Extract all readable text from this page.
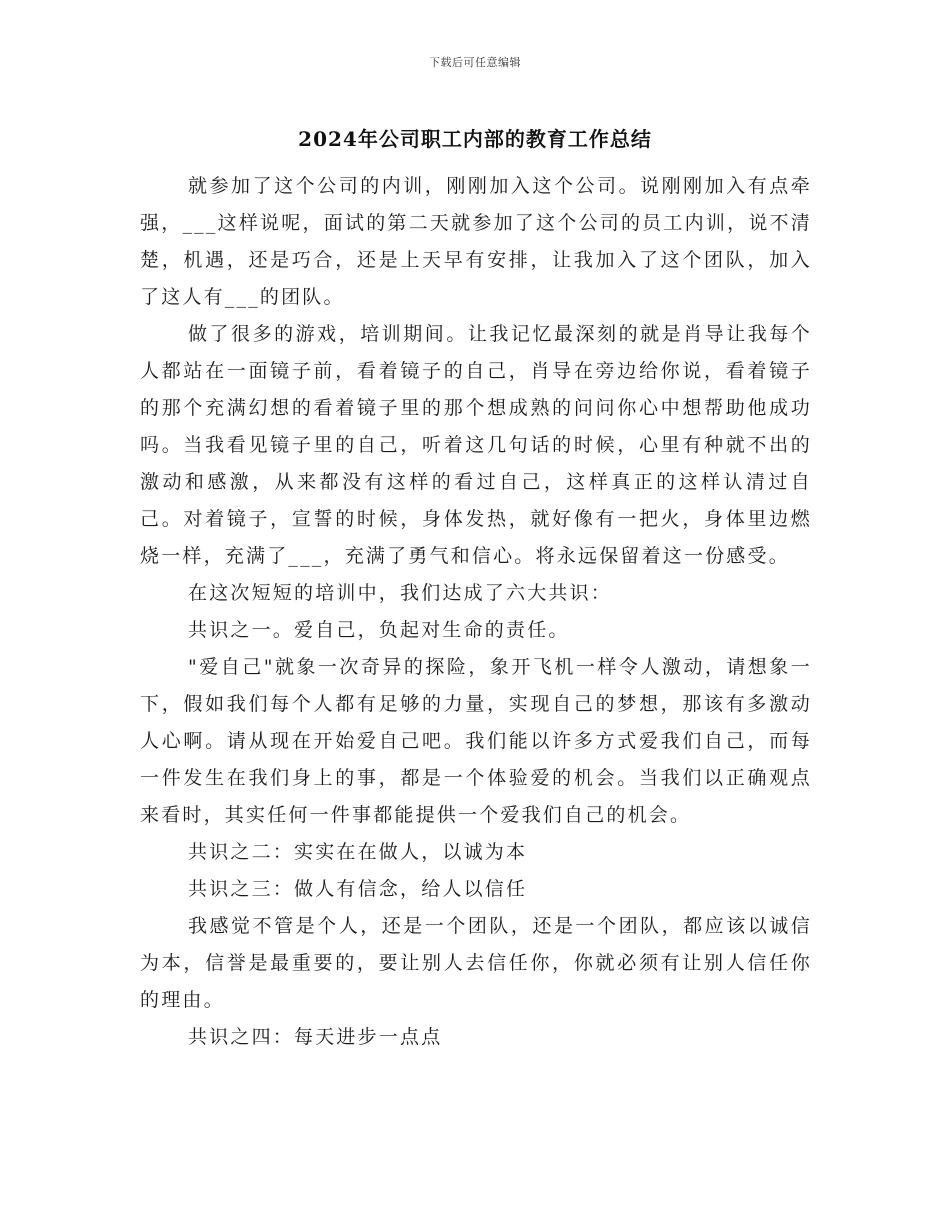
下载后可任意编辑
2024年公司职工内部的教育工作总结

就参加了这个公司的内训，刚刚加入这个公司。说刚刚加入有点牵强，___这样说呢，面试的第二天就参加了这个公司的员工内训，说不清楚，机遇，还是巧合，还是上天早有安排，让我加入了这个团队，加入了这人有___的团队。

做了很多的游戏，培训期间。让我记忆最深刻的就是肖导让我每个人都站在一面镜子前，看着镜子的自己，肖导在旁边给你说，看着镜子的那个充满幻想的看着镜子里的那个想成熟的问问你心中想帮助他成功吗。当我看见镜子里的自己，听着这几句话的时候，心里有种就不出的激动和感激，从来都没有这样的看过自己，这样真正的这样认清过自己。对着镜子，宣誓的时候，身体发热，就好像有一把火，身体里边燃烧一样，充满了___，充满了勇气和信心。将永远保留着这一份感受。

在这次短短的培训中，我们达成了六大共识：

共识之一。爱自己，负起对生命的责任。

"爱自己"就象一次奇异的探险，象开飞机一样令人激动，请想象一下，假如我们每个人都有足够的力量，实现自己的梦想，那该有多激动人心啊。请从现在开始爱自己吧。我们能以许多方式爱我们自己，而每一件发生在我们身上的事，都是一个体验爱的机会。当我们以正确观点来看时，其实任何一件事都能提供一个爱我们自己的机会。

共识之二：实实在在做人，以诚为本

共识之三：做人有信念，给人以信任

我感觉不管是个人，还是一个团队，还是一个团队，都应该以诚信为本，信誉是最重要的，要让别人去信任你，你就必须有让别人信任你的理由。

共识之四：每天进步一点点
